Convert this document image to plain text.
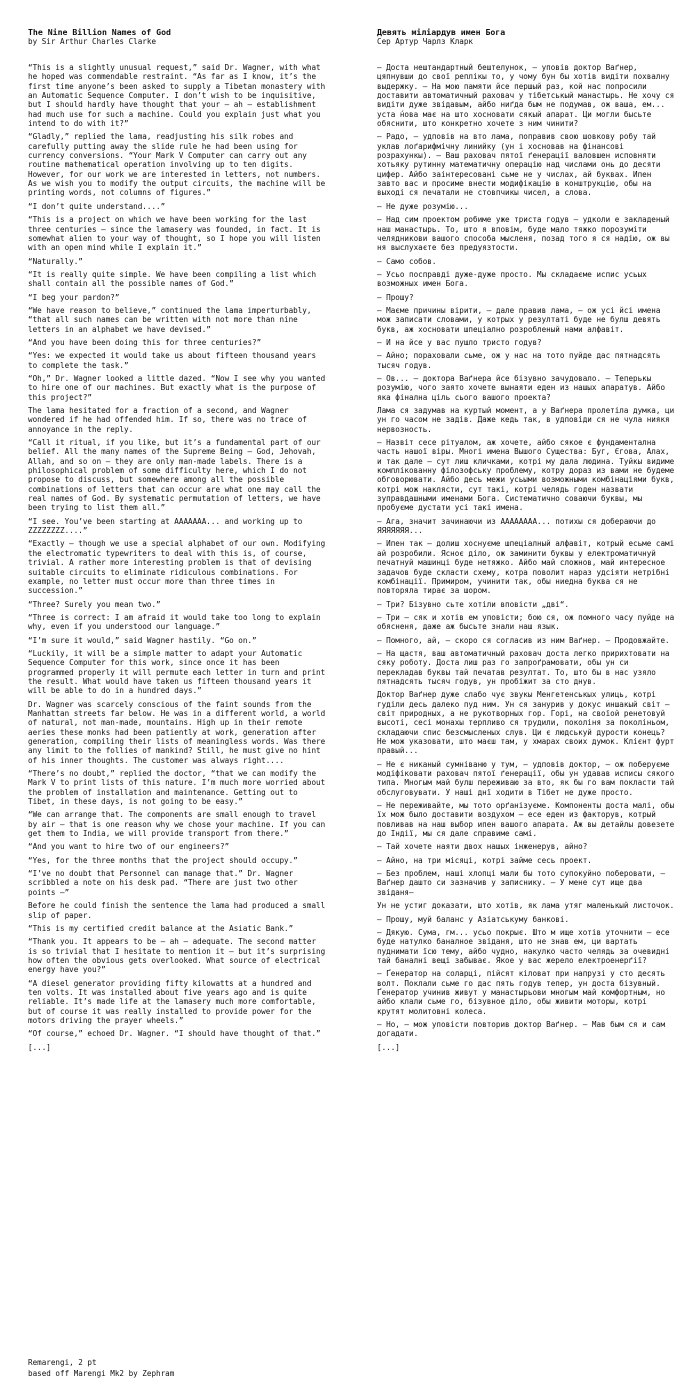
The Nine Billion Names of God
by Sir Arthur Charles Clarke
“This is a slightly unusual request,” said Dr. Wagner, with what he hoped was commendable restraint. “As far as I know, it’s the first time anyone’s been asked to supply a Tibetan monastery with an Automatic Sequence Computer. I don’t wish to be inquisitive, but I should hardly have thought that your – ah – establishment had much use for such a machine. Could you explain just what you intend to do with it?”
“Gladly,” replied the lama, readjusting his silk robes and carefully putting away the slide rule he had been using for currency conversions. “Your Mark V Computer can carry out any routine mathematical operation involving up to ten digits. However, for our work we are interested in letters, not numbers. As we wish you to modify the output circuits, the machine will be printing words, not columns of figures.”
“I don’t quite understand....”
“This is a project on which we have been working for the last three centuries – since the lamasery was founded, in fact. It is somewhat alien to your way of thought, so I hope you will listen with an open mind while I explain it.”
“Naturally.”
“It is really quite simple. We have been compiling a list which shall contain all the possible names of God.”
“I beg your pardon?”
“We have reason to believe,” continued the lama imperturbably, “that all such names can be written with not more than nine letters in an alphabet we have devised.”
“And you have been doing this for three centuries?”
“Yes: we expected it would take us about fifteen thousand years to complete the task.”
“Oh,” Dr. Wagner looked a little dazed. “Now I see why you wanted to hire one of our machines. But exactly what is the purpose of this project?”
The lama hesitated for a fraction of a second, and Wagner wondered if he had offended him. If so, there was no trace of annoyance in the reply.
“Call it ritual, if you like, but it’s a fundamental part of our belief. All the many names of the Supreme Being – God, Jehovah, Allah, and so on – they are only man-made labels. There is a philosophical problem of some difficulty here, which I do not propose to discuss, but somewhere among all the possible combinations of letters that can occur are what one may call the real names of God. By systematic permutation of letters, we have been trying to list them all.”
“I see. You’ve been starting at AAAAAAA... and working up to ZZZZZZZZ....”
“Exactly – though we use a special alphabet of our own. Modifying the electromatic typewriters to deal with this is, of course, trivial. A rather more interesting problem is that of devising suitable circuits to eliminate ridiculous combinations. For example, no letter must occur more than three times in succession.”
“Three? Surely you mean two.”
“Three is correct: I am afraid it would take too long to explain why, even if you understood our language.”
“I’m sure it would,” said Wagner hastily. “Go on.”
“Luckily, it will be a simple matter to adapt your Automatic Sequence Computer for this work, since once it has been programmed properly it will permute each letter in turn and print the result. What would have taken us fifteen thousand years it will be able to do in a hundred days.”
Dr. Wagner was scarcely conscious of the faint sounds from the Manhattan streets far below. He was in a different world, a world of natural, not man-made, mountains. High up in their remote aeries these monks had been patiently at work, generation after generation, compiling their lists of meaningless words. Was there any limit to the follies of mankind? Still, he must give no hint of his inner thoughts. The customer was always right....
“There’s no doubt,” replied the doctor, “that we can modify the Mark V to print lists of this nature. I’m much more worried about the problem of installation and maintenance. Getting out to Tibet, in these days, is not going to be easy.”
“We can arrange that. The components are small enough to travel by air – that is one reason why we chose your machine. If you can get them to India, we will provide transport from there.”
“And you want to hire two of our engineers?”
“Yes, for the three months that the project should occupy.”
“I’ve no doubt that Personnel can manage that.” Dr. Wagner scribbled a note on his desk pad. “There are just two other points –”
Before he could finish the sentence the lama had produced a small slip of paper.
“This is my certified credit balance at the Asiatic Bank.”
“Thank you. It appears to be – ah – adequate. The second matter is so trivial that I hesitate to mention it – but it’s surprising how often the obvious gets overlooked. What source of electrical energy have you?”
“A diesel generator providing fifty kilowatts at a hundred and ten volts. It was installed about five years ago and is quite reliable. It’s made life at the lamasery much more comfortable, but of course it was really installed to provide power for the motors driving the prayer wheels.”
“Of course,” echoed Dr. Wagner. “I should have thought of that.”
[...]
Девять міліардув имен Бога
Сер Артур Чарлз Кларк
– Доста нештандартный бештелунок, – уповів доктор Ваґнер, цяпнувши до свої реплікы то, у чому бун бы хотів видіти похвалну выдержку. – На мою памяти йсе першый раз, кой нас попросили доставити автоматичный раховач у тібетськый манастырь. Не хочу ся видіти дуже звідавым, айбо ниґда бым не подумав, ож ваша, ем... уста ́нова має на што хосновати сякый апарат. Ци могли бысьте обяснити, што конкретно хочете з ним чинити?
– Радо, – удповів на вто лама, поправив свою шовкову робу тай уклав лоґарифмічну линийку (ун і хосновав на фінансові розрахункы). – Ваш раховач пятої ґенерації валовшен исповняти хотьяку рутинну математичну операцію над числами онь до десяти цифер. Айбо заінтересовані сьме не у числах, ай буквах. Ипен завто вас и просиме внести модифікацію в конштрукцію, обы на выході ся печатали не стовпчикы чисел, а слова.
– Не дуже розумію...
– Над сим проектом робиме уже триста годув – удколи е закладеный наш манастырь. То, што я вповім, буде мало тяжко порозуміти челядникови вашого способа мысленя, позад того я ся надію, ож вы ня выслухаєте без предуязтости.
– Само собов.
– Усьо посправді дуже-дуже просто. Мы складаєме испис усьых возможных имен Бога.
– Прошу?
– Маєме причины вірити, – дале правив лама, – ож усі йсі имена мож записати словами, у котрых у резултаті буде не булш девять букв, аж хосновати шпеціално розробленый нами алфавіт.
– И на йсе у вас пушло тристо годув?
– Айно; пораховали сьме, ож у нас на тото пуйде дас пятнадсять тысяч годув.
– Ов... – доктора Ваґнера йсе бізувно зачудовало. – Теперькы розумію, чого заято хочете вынаяти еден из нашых апаратув. Айбо яка фінална ціль сього вашого проекта?
Лама ся задумав на куртый момент, а у Ваґнера пролетіла думка, ци ун го часом не задів. Даже кедь так, в удповіди ся не чула ниякя нервозность.
– Назвіт сесе рітуалом, аж хочете, айбо сякое є фундаментална часть нашої віры. Многі имена Вышого Существа: Буг, Єгова, Алах, и так дале – сут лиш кличками, котрі му дала людина. Туйкы видиме комплікованну філозофську проблему, котру дораз из вами не будеме обговорювати. Айбо десь межи усьыми возможными комбінаціями букв, котрі мож наклясти, сут такі, котрі челядь годен назвати зуправдашными именами Бога. Систематично соваючи буквы, мы пробуєме дустати усі такі имена.
– Ага, значит зачинаючи из АААААААА... потихы ся добераючи до ЯЯЯЯЯЯЯ...
– Ипен так – долиш хоснуєме шпеціалный алфавіт, котрый есьме самі ай розробили. Ясноє діло, ож заминити буквы у електроматичнуй печатнуй машинці буде нетяжко. Айбо май сложнов, май интересное задачов буде скласти схему, котра поволит нараз удсіяти нетрібні комбінації. Примиром, учинити так, обы ниедна буква ся не повторяла тирає за шором.
– Три? Бізувно сьте хотіли вповісти „дві“.
– Три – сяк и хотів ем уповісти; бою ся, ож помного часу пуйде на обясненя, даже аж бысьте знали наш язык.
– Помного, ай, – скоро ся согласив из ним Ваґнер. – Продовжайте.
– На щастя, ваш автоматичный раховач доста легко пририхтовати на сяку роботу. Доста лиш раз го запроґрамовати, обы ун си перекладав буквы тай печатав резултат. То, што бы в нас узяло пятнадсять тысяч годув, ун пробіжит за сто днув.
Доктор Ваґнер дуже слабо чує звукы Менгетенськых улиць, котрі гуділи десь далеко пуд ним. Ун ся занурив у докус иншакый світ – світ природных, а не рукотворных гор. Горі, на своїой ренетовуй высоті, сесі монахы терпливо ся трудили, поколіня за поколіньом, складаючи спис безсмысленых слув. Ци є людськуй дурости конець? Не мож указовати, што маєш там, у хмарах своих думок. Клієнт фурт правый...
– Не є никаный сумніваню у тум, – удповів доктор, – ож поберуєме модіфіковати раховач пятої ґенерації, обы ун удавав исписы сякого типа. Многым май булш переживаю за вто, як бы го вам покласти тай обслуговувати. У наші днї ходити в Тібет не дуже просто.
– Не переживайте, мы тото орґанізуєме. Компоненты доста малі, обы їх мож было доставити воздухом – есе еден из факторув, котрый повливав на наш выбор ипен вашого апарата. Аж вы детайлы довезете до Індії, мы ся дале справиме самі.
– Тай хочете наяти двох нашых інженерув, айно?
– Айно, на три місяці, котрі займе сесь проект.
– Без проблем, нашi хлопці мали бы тото супокуйно поберовати, – Ваґнер дашто си зазначив у записнику. – У мене сут ище два звіданя–
Ун не устиг доказати, што хотів, як лама утяг маленькый листочок.
– Прошу, муй баланс у Азіатськуму банкові.
– Дякую. Сума, гм... усьо покрыє. Што м ище хотів уточнити – есе буде натулко баналное звіданя, што не знав ем, ци вартать пуднимати їсю тему, айбо чудно, накулко часто челядь за очевидні тай баналні вещі забыває. Якое у вас жерело електроенерґії?
– Ґенератор на соларці, пійсят кіловат при напрузі у сто десять волт. Поклали сьме го дас пять годув тепер, ун доста бізувный. Ґенератор учинив живут у манастырьови многым май комфортным, но айбо клали сьме го, бізувное діло, обы живити моторы, котрі крутят молитовні колеса.
– Но, – мож уповісти повторив доктор Ваґнер. – Мав бым ся и сам догадати.
[...]
Remarengi, 2 pt
based off Marengi Mk2 by Zephram
